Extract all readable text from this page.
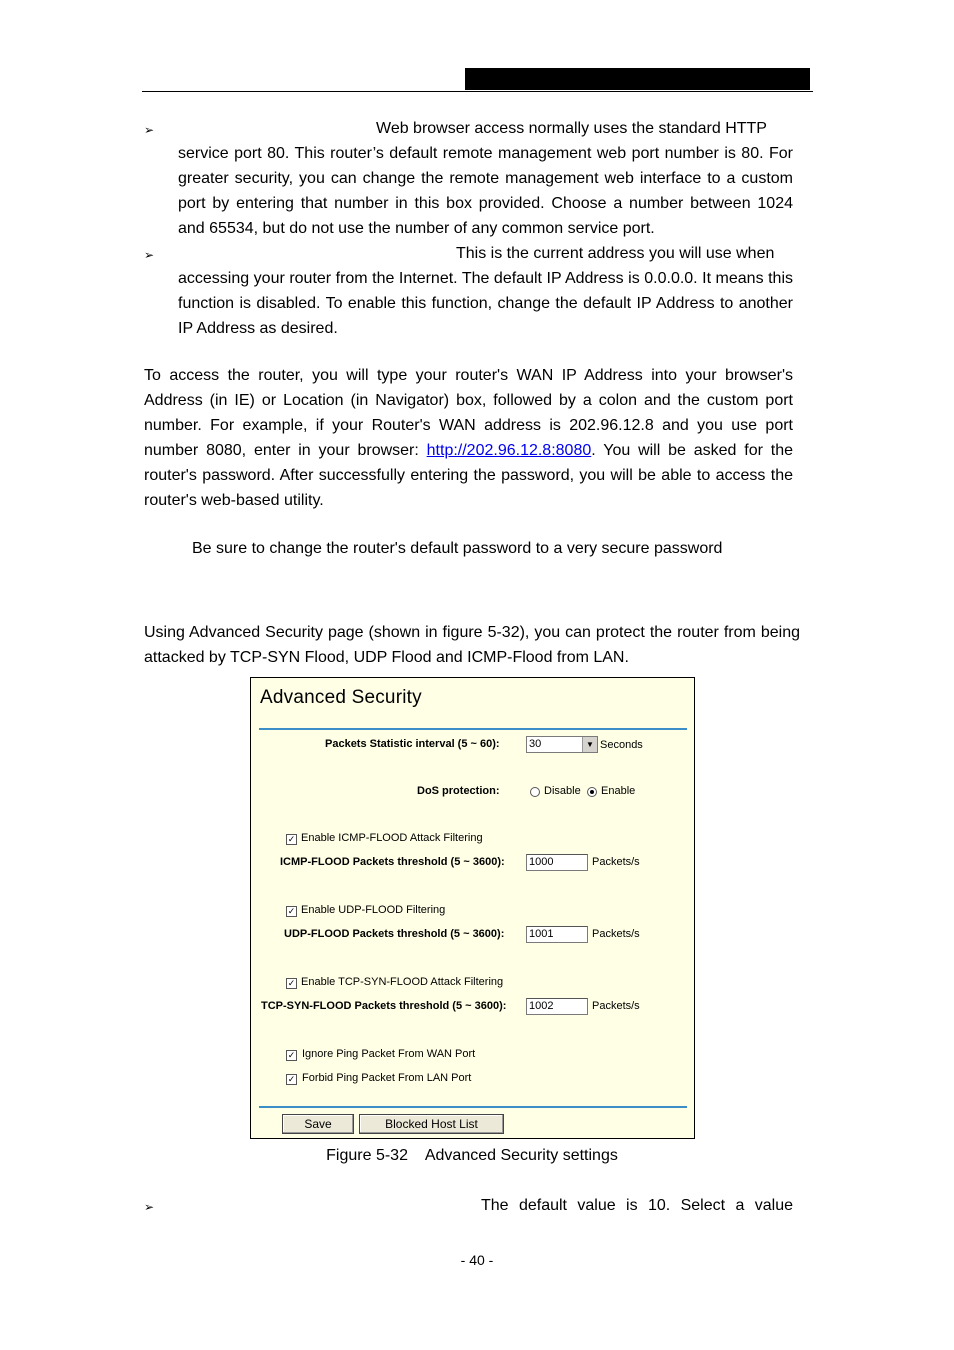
➢	Web browser access normally uses the standard HTTP

service port 80. This router’s default remote management web port number is 80. For greater security, you can change the remote management web interface to a custom port by entering that number in this box provided. Choose a number between 1024 and 65534, but do not use the number of any common service port.

➢	This is the current address you will use when

accessing your router from the Internet. The default IP Address is 0.0.0.0. It means this function is disabled. To enable this function, change the default IP Address to another IP Address as desired.

To access the router, you will type your router's WAN IP Address into your browser's Address (in IE) or Location (in Navigator) box, followed by a colon and the custom port number. For example, if your Router's WAN address is 202.96.12.8 and you use port number 8080, enter in your browser: http://202.96.12.8:8080. You will be asked for the router's password. After successfully entering the password, you will be able to access the router's web-based utility.

Be sure to change the router's default password to a very secure password

Using Advanced Security page (shown in figure 5-32), you can protect the router from being attacked by TCP-SYN Flood, UDP Flood and ICMP-Flood from LAN.

Advanced Security
Packets Statistic interval (5 ~ 60):	30	▼ Seconds
DoS protection:	Disable Enable
✓ Enable ICMP-FLOOD Attack Filtering
ICMP-FLOOD Packets threshold (5 ~ 3600): 1000	Packets/s
✓ Enable UDP-FLOOD Filtering
UDP-FLOOD Packets threshold (5 ~ 3600): 1001	Packets/s
✓ Enable TCP-SYN-FLOOD Attack Filtering
TCP-SYN-FLOOD Packets threshold (5 ~ 3600): 1002	Packets/s
✓ Ignore Ping Packet From WAN Port
✓ Forbid Ping Packet From LAN Port
Save	Blocked Host List
Figure 5-32    Advanced Security settings
➢	The default value is 10. Select a value
- 40 -
